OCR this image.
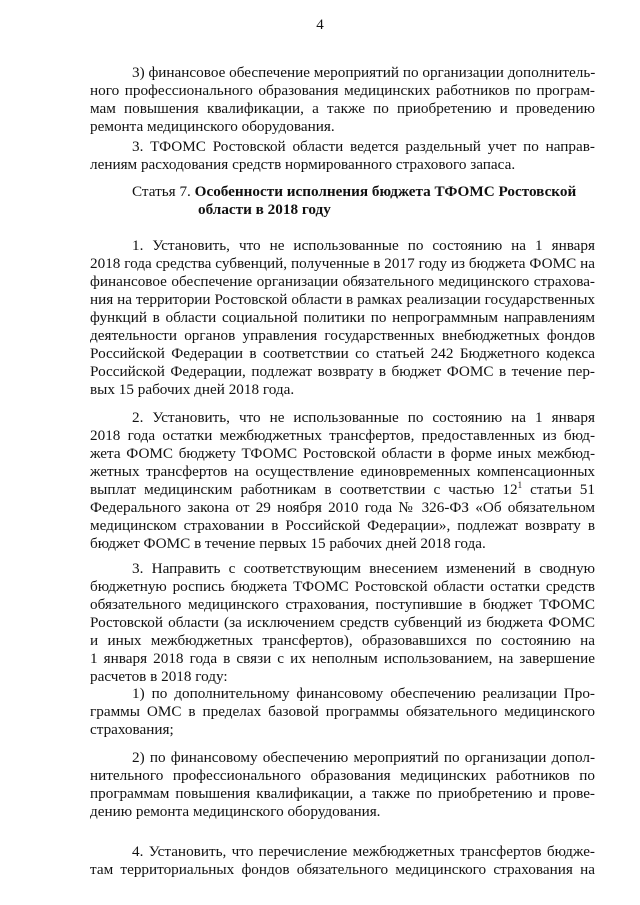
4
3) финансовое обеспечение мероприятий по организации дополнитель-
ного профессионального образования медицинских работников по програм-
мам повышения квалификации, а также по приобретению и проведению
ремонта медицинского оборудования.
3. ТФОМС Ростовской области ведется раздельный учет по направ-
лениям расходования средств нормированного страхового запаса.
1. Установить, что не использованные по состоянию на 1 января
2018 года средства субвенций, полученные в 2017 году из бюджета ФОМС на
финансовое обеспечение организации обязательного медицинского страхова-
ния на территории Ростовской области в рамках реализации государственных
функций в области социальной политики по непрограммным направлениям
деятельности органов управления государственных внебюджетных фондов
Российской Федерации в соответствии со статьей 242 Бюджетного кодекса
Российской Федерации, подлежат возврату в бюджет ФОМС в течение пер-
вых 15 рабочих дней 2018 года.
2. Установить, что не использованные по состоянию на 1 января
2018 года остатки межбюджетных трансфертов, предоставленных из бюд-
жета ФОМС бюджету ТФОМС Ростовской области в форме иных межбюд-
жетных трансфертов на осуществление единовременных компенсационных
выплат медицинским работникам в соответствии с частью $12^1$ статьи 51
Федерального закона от 29 ноября 2010 года № 326-ФЗ «Об обязательном
медицинском страховании в Российской Федерации», подлежат возврату в
бюджет ФОМС в течение первых 15 рабочих дней 2018 года.
3. Направить с соответствующим внесением изменений в сводную
бюджетную роспись бюджета ТФОМС Ростовской области остатки средств
обязательного медицинского страхования, поступившие в бюджет ТФОМС
Ростовской области (за исключением средств субвенций из бюджета ФОМС
и иных межбюджетных трансфертов), образовавшихся по состоянию на
1 января 2018 года в связи с их неполным использованием, на завершение
расчетов в 2018 году:
1) по дополнительному финансовому обеспечению реализации Про-
граммы ОМС в пределах базовой программы обязательного медицинского
страхования;
2) по финансовому обеспечению мероприятий по организации допол-
нительного профессионального образования медицинских работников по
программам повышения квалификации, а также по приобретению и прове-
дению ремонта медицинского оборудования.
4. Установить, что перечисление межбюджетных трансфертов бюдже-
там территориальных фондов обязательного медицинского страхования на
Статья 7. Особенности исполнения бюджета ТФОМС Ростовской
области в 2018 году
